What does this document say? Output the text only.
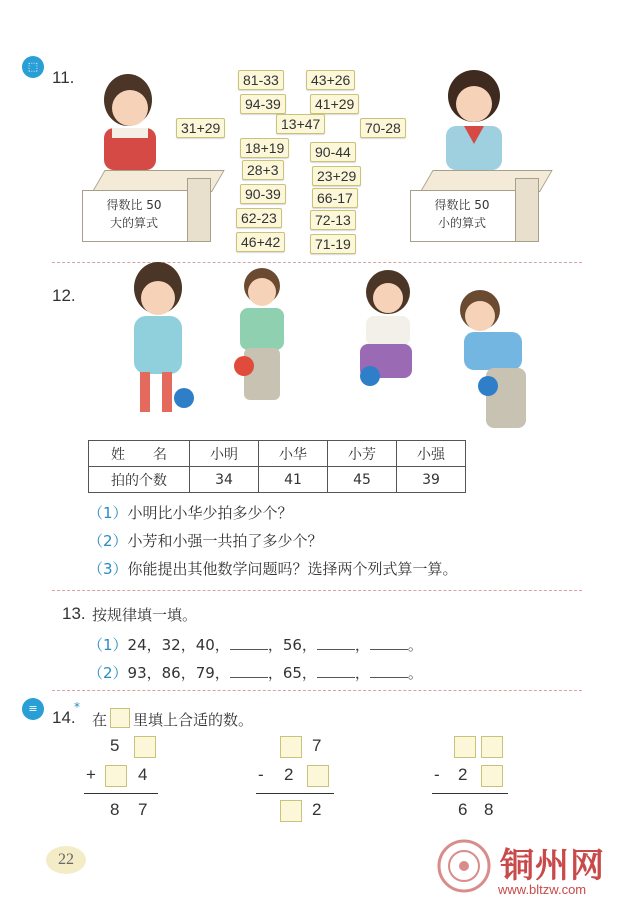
⬚
11.
得数比 50
大的算式
得数比 50
小的算式
81-33	43+26
94-39	41+29
13+47
31+29	70-28
18+19	90-44
28+3	23+29
90-39	66-17
62-23	72-13
46+42	71-19
12.
姓　　名	小明	小华	小芳	小强
拍的个数	34	41	45	39
（1）小明比小华少拍多少个？
（2）小芳和小强一共拍了多少个？
（3）你能提出其他数学问题吗？选择两个列式算一算。
13. 按规律填一填。
（1）24，32，40，	，56，	，	。
（2）93，86，79，	，65，	，	。
≡ 14.
*
在 里填上合适的数。
5
+ 4
8 7
7
- 2
2
- 2
6 8
22	铜州网
www.bltzw.com
